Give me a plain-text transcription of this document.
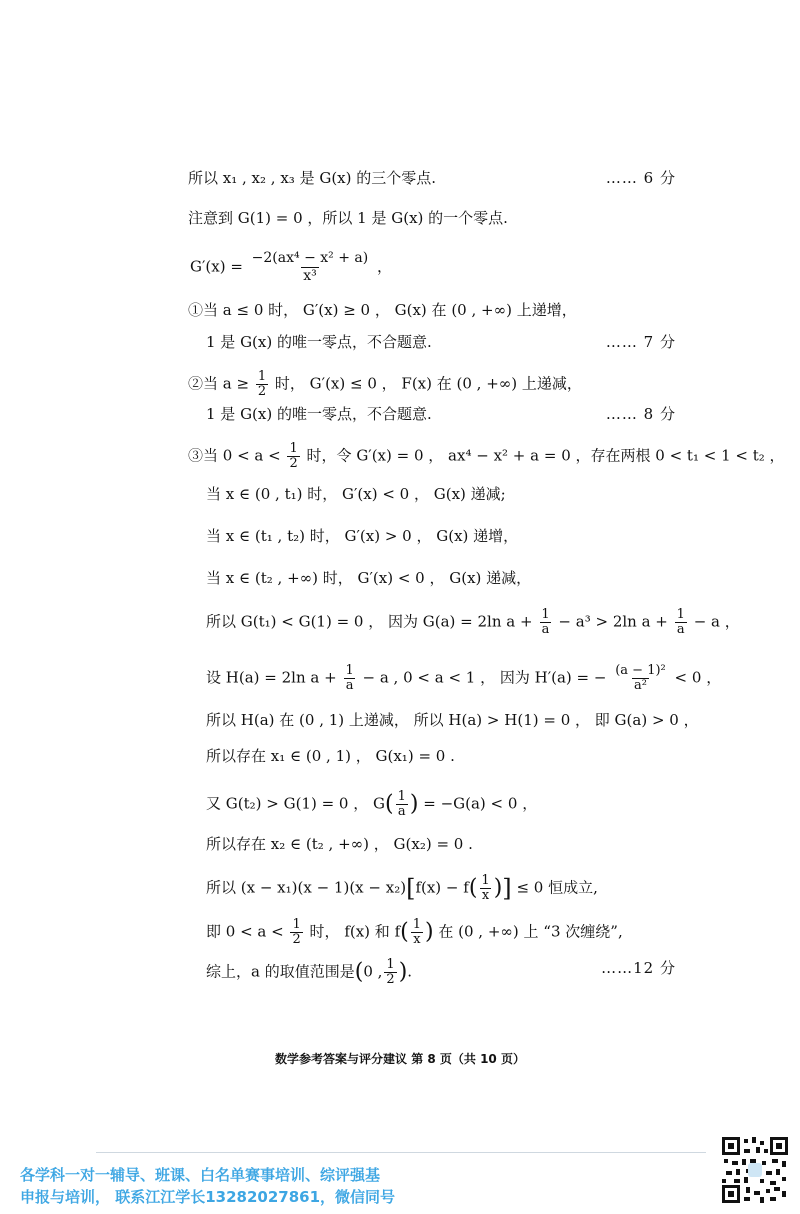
所以 x₁ , x₂ , x₃ 是 G(x) 的三个零点.	…… 6 分
注意到 G(1) = 0 ，所以 1 是 G(x) 的一个零点.
$G'(x) = \frac{\text{−2(ax⁴ − x² + a)}}{\text{x³}}$ ，
①当 a ≤ 0 时， G′(x) ≥ 0 ， G(x) 在 (0 , +∞) 上递增，
1 是 G(x) 的唯一零点，不合题意.	…… 7 分
②当 $a \ge \frac{1}{2}$ 时， G′(x) ≤ 0 ， F(x) 在 (0 , +∞) 上递减，
1 是 G(x) 的唯一零点，不合题意.	…… 8 分
③当 $0 < a < \frac{1}{2}$ 时，令 G′(x) = 0 ， ax⁴ − x² + a = 0 ，存在两根 0 < t₁ < 1 < t₂ ，
当 x ∈ (0 , t₁) 时， G′(x) < 0 ， G(x) 递减;
当 x ∈ (t₁ , t₂) 时， G′(x) > 0 ， G(x) 递增，
当 x ∈ (t₂ , +∞) 时， G′(x) < 0 ， G(x) 递减，
所以 G(t₁) < G(1) = 0 ， 因为 G(a) = 2ln $a + \frac{1}{a} - a^3 > 2\ln$ $a + \frac{1}{a} - a$ ，
设 H(a) = 2ln $a + \frac{1}{a} - a$ , 0 < a < 1 ， 因为 H′(a) = − $\frac{\text{(a − 1)²}}{\text{a²}} < 0$ ，
所以 H(a) 在 (0 , 1) 上递减， 所以 H(a) > H(1) = 0 ， 即 G(a) > 0 ，
所以存在 x₁ ∈ (0 , 1) ， G(x₁) = 0 .
又 G(t₂) > G(1) = 0 ， $G( \frac{1}{a}$ ) = −G(a) < 0 ，
所以存在 x₂ ∈ (t₂ , +∞) ， G(x₂) = 0 .
所以 $(x - x_1)(x - 1)(x - x_2)[f(x) - f( \frac{1}{x}$ )] ≤ 0 恒成立,
即 $0 < a < \frac{1}{2}$ 时， f(x) 和 $f( \frac{1}{x}$ ) 在 (0 , +∞) 上 “3 次缠绕”,
综上，a 的取值范围是(0 , $\frac{1}{2}$ ).	……12 分
数学参考答案与评分建议 第 8 页（共 10 页）
各学科一对一辅导、班课、白名单赛事培训、综评强基
申报与培训， 联系江江学长13282027861，微信同号
